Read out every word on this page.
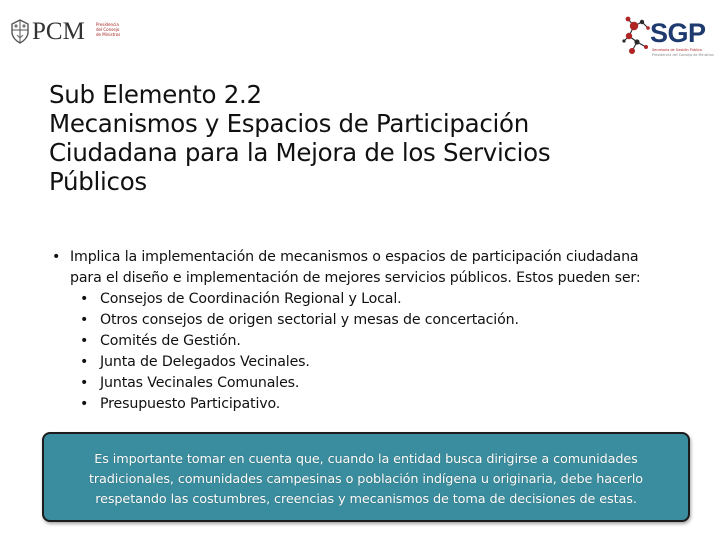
PCM	Presidencia
del Consejo
de Ministros	SGP
Secretaría de Gestión Pública
Presidencia del Consejo de Ministros
Sub Elemento 2.2
Mecanismos y Espacios de Participación
Ciudadana para la Mejora de los Servicios
Públicos
• Implica la implementación de mecanismos o espacios de participación ciudadana
para el diseño e implementación de mejores servicios públicos. Estos pueden ser:
• Consejos de Coordinación Regional y Local.
• Otros consejos de origen sectorial y mesas de concertación.
• Comités de Gestión.
• Junta de Delegados Vecinales.
• Juntas Vecinales Comunales.
• Presupuesto Participativo.
Es importante tomar en cuenta que, cuando la entidad busca dirigirse a comunidades
tradicionales, comunidades campesinas o población indígena u originaria, debe hacerlo
respetando las costumbres, creencias y mecanismos de toma de decisiones de estas.
